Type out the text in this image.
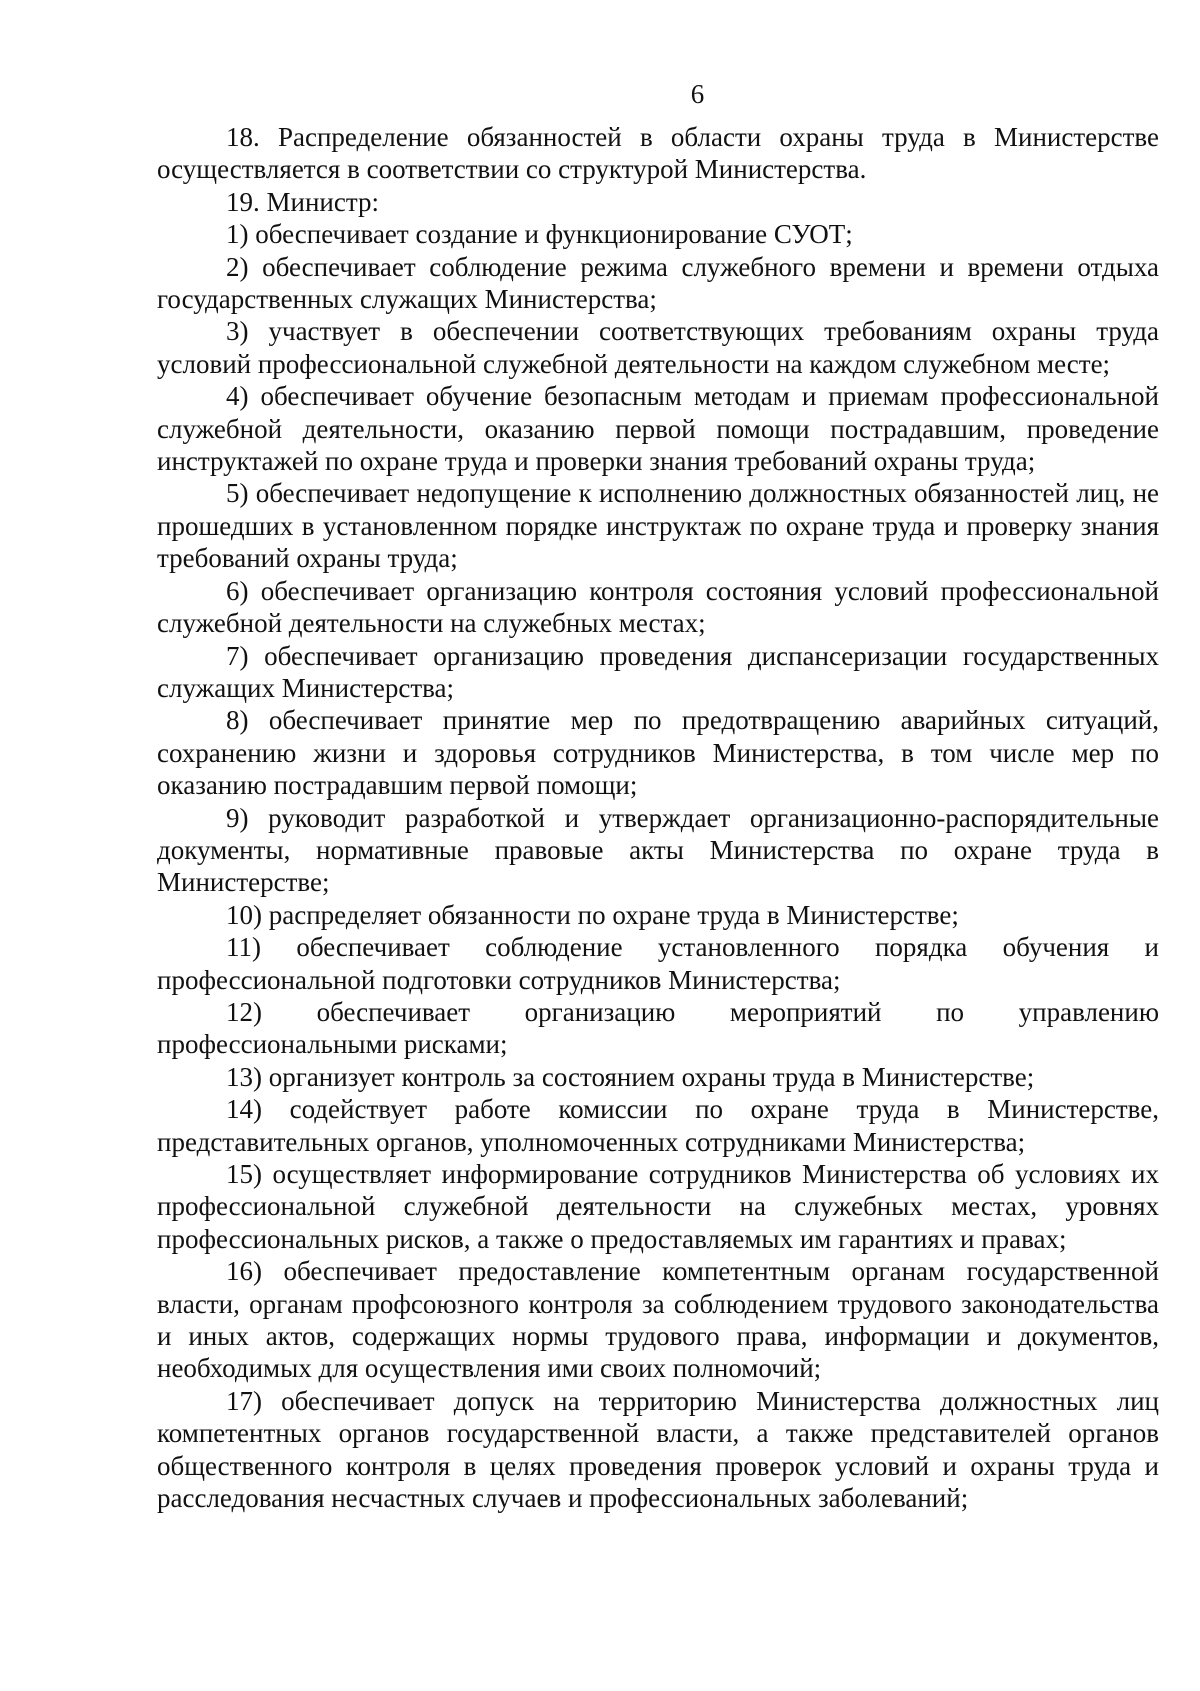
6

18. Распределение обязанностей в области охраны труда в Министерстве осуществляется в соответствии со структурой Министерства.

19. Министр:

1) обеспечивает создание и функционирование СУОТ;

2) обеспечивает соблюдение режима служебного времени и времени отдыха государственных служащих Министерства;

3) участвует в обеспечении соответствующих требованиям охраны труда условий профессиональной служебной деятельности на каждом служебном месте;

4) обеспечивает обучение безопасным методам и приемам профессиональной служебной деятельности, оказанию первой помощи пострадавшим, проведение инструктажей по охране труда и проверки знания требований охраны труда;

5) обеспечивает недопущение к исполнению должностных обязанностей лиц, не прошедших в установленном порядке инструктаж по охране труда и проверку знания требований охраны труда;

6) обеспечивает организацию контроля состояния условий профессиональной служебной деятельности на служебных местах;

7) обеспечивает организацию проведения диспансеризации государственных служащих Министерства;

8) обеспечивает принятие мер по предотвращению аварийных ситуаций, сохранению жизни и здоровья сотрудников Министерства, в том числе мер по оказанию пострадавшим первой помощи;

9) руководит разработкой и утверждает организационно-распорядительные документы, нормативные правовые акты Министерства по охране труда в Министерстве;

10) распределяет обязанности по охране труда в Министерстве;

11) обеспечивает соблюдение установленного порядка обучения и профессиональной подготовки сотрудников Министерства;

12) обеспечивает организацию мероприятий по управлению профессиональными рисками;

13) организует контроль за состоянием охраны труда в Министерстве;

14) содействует работе комиссии по охране труда в Министерстве, представительных органов, уполномоченных сотрудниками Министерства;

15) осуществляет информирование сотрудников Министерства об условиях их профессиональной служебной деятельности на служебных местах, уровнях профессиональных рисков, а также о предоставляемых им гарантиях и правах;

16) обеспечивает предоставление компетентным органам государственной власти, органам профсоюзного контроля за соблюдением трудового законодательства и иных актов, содержащих нормы трудового права, информации и документов, необходимых для осуществления ими своих полномочий;

17) обеспечивает допуск на территорию Министерства должностных лиц компетентных органов государственной власти, а также представителей органов общественного контроля в целях проведения проверок условий и охраны труда и расследования несчастных случаев и профессиональных заболеваний;
